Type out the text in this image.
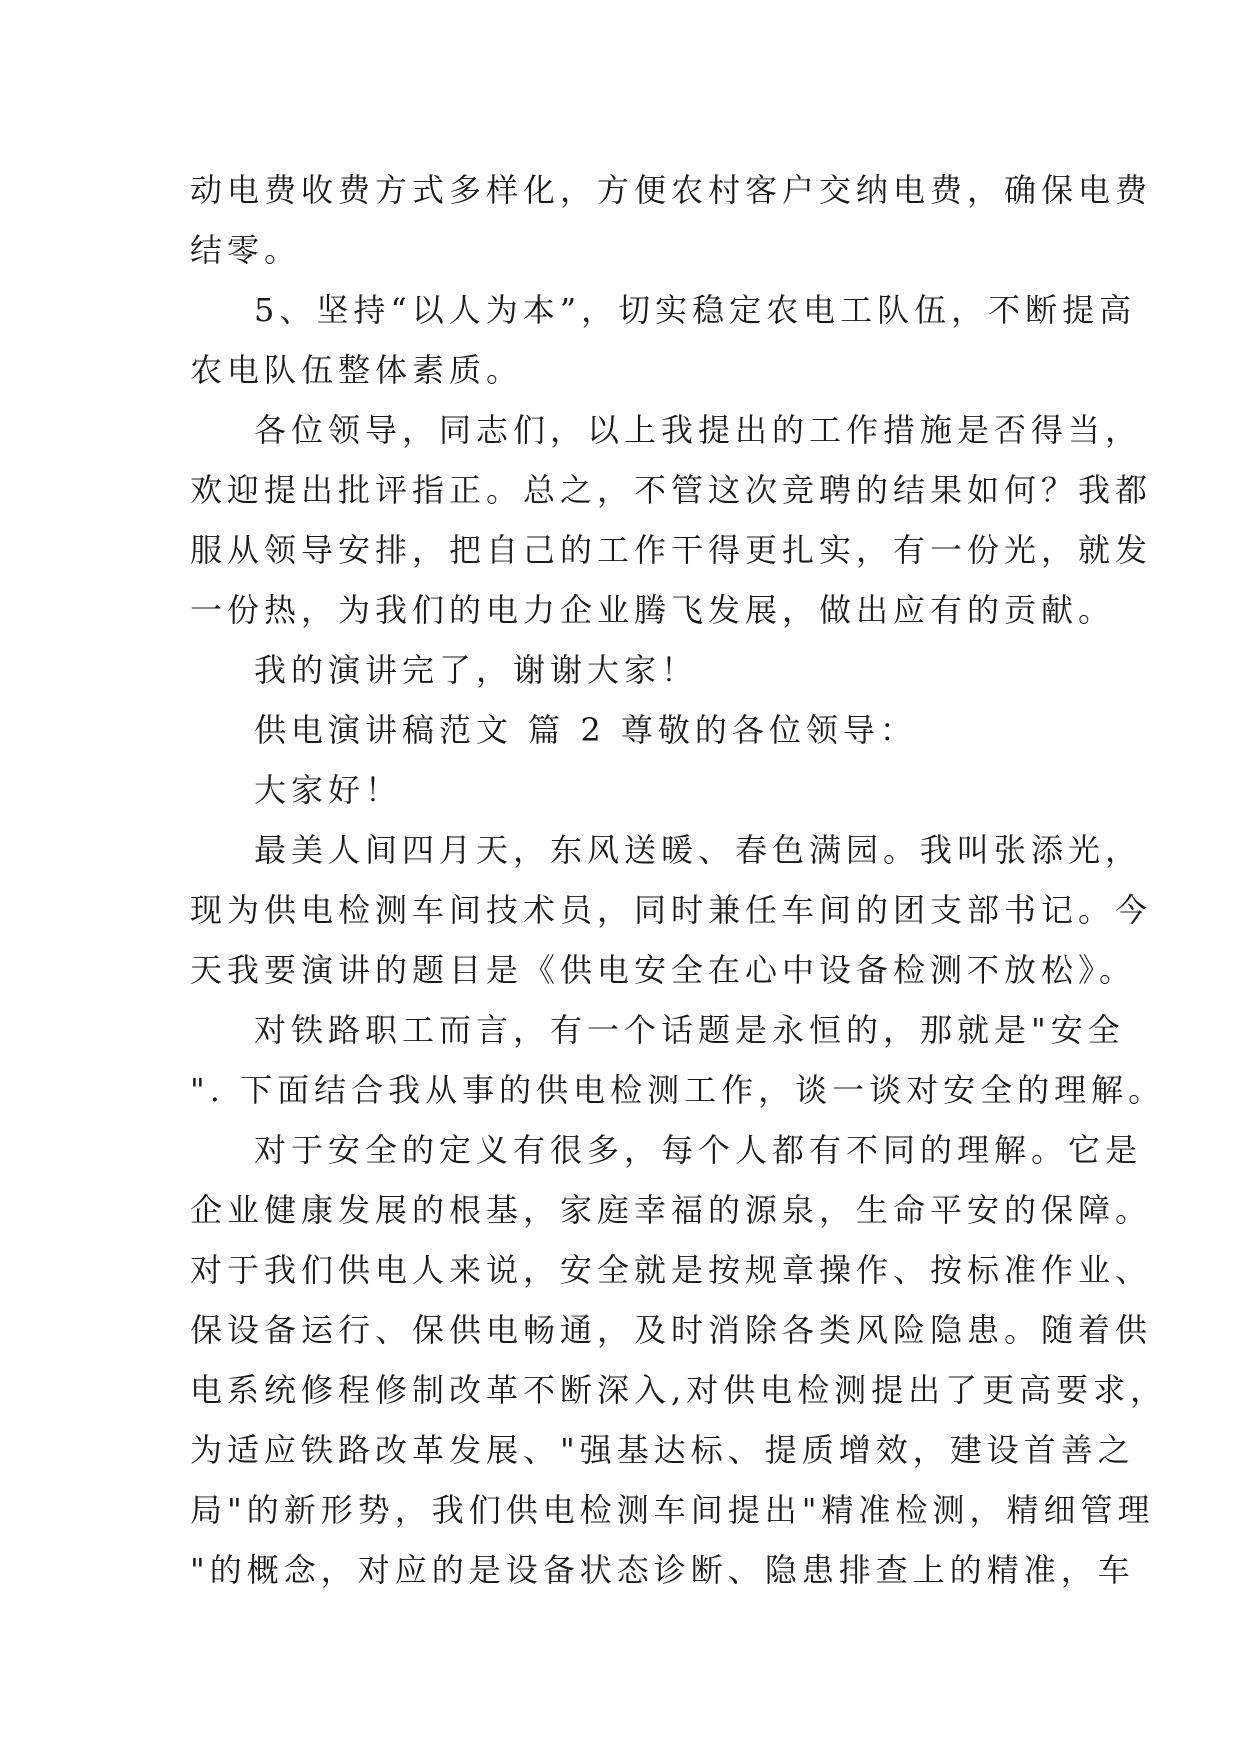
动电费收费方式多样化，方便农村客户交纳电费，确保电费
结零。
5、坚持“以人为本”，切实稳定农电工队伍，不断提高
农电队伍整体素质。
各位领导，同志们，以上我提出的工作措施是否得当，
欢迎提出批评指正。总之，不管这次竞聘的结果如何？我都
服从领导安排，把自己的工作干得更扎实，有一份光，就发
一份热，为我们的电力企业腾飞发展，做出应有的贡献。
我的演讲完了，谢谢大家！
供电演讲稿范文 篇 2 尊敬的各位领导：
大家好！
最美人间四月天，东风送暖、春色满园。我叫张添光，
现为供电检测车间技术员，同时兼任车间的团支部书记。今
天我要演讲的题目是《供电安全在心中设备检测不放松》。
对铁路职工而言，有一个话题是永恒的，那就是"安全
". 下面结合我从事的供电检测工作，谈一谈对安全的理解。
对于安全的定义有很多，每个人都有不同的理解。它是
企业健康发展的根基，家庭幸福的源泉，生命平安的保障。
对于我们供电人来说，安全就是按规章操作、按标准作业、
保设备运行、保供电畅通，及时消除各类风险隐患。随着供
电系统修程修制改革不断深入,对供电检测提出了更高要求，
为适应铁路改革发展、"强基达标、提质增效，建设首善之
局"的新形势，我们供电检测车间提出"精准检测，精细管理
"的概念，对应的是设备状态诊断、隐患排查上的精准，车
